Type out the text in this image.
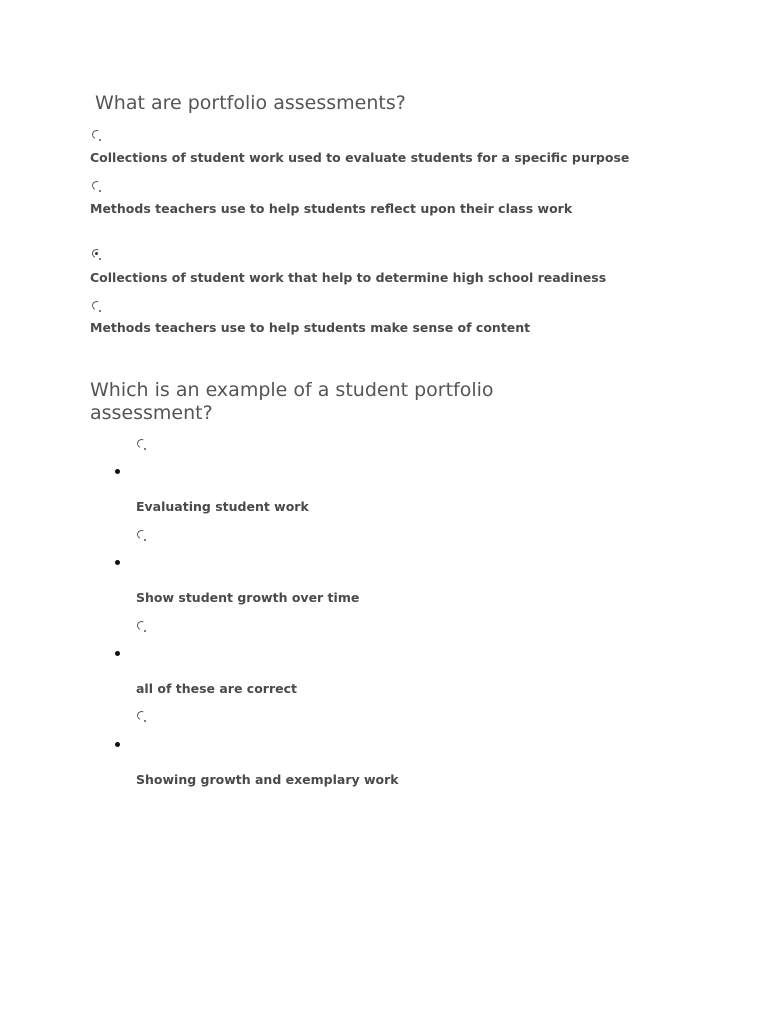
What are portfolio assessments?

Collections of student work used to evaluate students for a specific purpose

Methods teachers use to help students reflect upon their class work

Collections of student work that help to determine high school readiness

Methods teachers use to help students make sense of content

Which is an example of a student portfolio assessment?

Evaluating student work

Show student growth over time

all of these are correct

Showing growth and exemplary work
